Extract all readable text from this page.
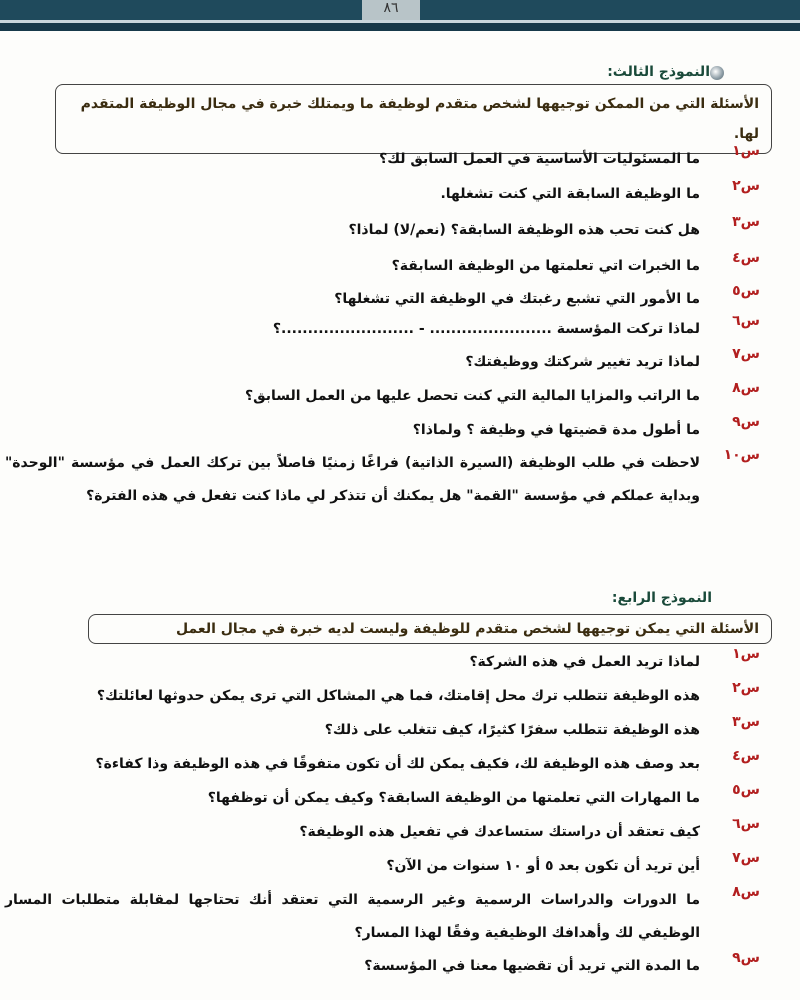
٨٦
النموذج الثالث:
الأسئلة التي من الممكن توجيهها لشخص متقدم لوظيفة ما ويمتلك خبرة في مجال الوظيفة المتقدم لها.
س١
ما المسئوليات الأساسية في العمل السابق لك؟
س٢
ما الوظيفة السابقة التي كنت تشغلها.
س٣
هل كنت تحب هذه الوظيفة السابقة؟ (نعم/لا) لماذا؟
س٤
ما الخبرات اتي تعلمتها من الوظيفة السابقة؟
س٥
ما الأمور التي تشبع رغبتك في الوظيفة التي تشغلها؟
س٦
لماذا تركت المؤسسة ....................... - .........................؟
س٧
لماذا تريد تغيير شركتك ووظيفتك؟
س٨
ما الراتب والمزايا المالية التي كنت تحصل عليها من العمل السابق؟
س٩
ما أطول مدة قضيتها في وظيفة ؟ ولماذا؟
س١٠
لاحظت في طلب الوظيفة (السيرة الذاتية) فراغًا زمنيًا فاصلاً بين تركك العمل في مؤسسة "الوحدة" وبداية عملكم في مؤسسة "القمة" هل يمكنك أن تتذكر لي ماذا كنت تفعل في هذه الفترة؟
النموذج الرابع:
الأسئلة التي يمكن توجيهها لشخص متقدم للوظيفة وليست لديه خبرة في مجال العمل
س١
لماذا تريد العمل في هذه الشركة؟
س٢
هذه الوظيفة تتطلب ترك محل إقامتك، فما هي المشاكل التي ترى يمكن حدوثها لعائلتك؟
س٣
هذه الوظيفة تتطلب سفرًا كثيرًا، كيف تتغلب على ذلك؟
س٤
بعد وصف هذه الوظيفة لك، فكيف يمكن لك أن تكون متفوقًا في هذه الوظيفة وذا كفاءة؟
س٥
ما المهارات التي تعلمتها من الوظيفة السابقة؟ وكيف يمكن أن توظفها؟
س٦
كيف تعتقد أن دراستك ستساعدك في تفعيل هذه الوظيفة؟
س٧
أين تريد أن تكون بعد ٥ أو ١٠ سنوات من الآن؟
س٨
ما الدورات والدراسات الرسمية وغير الرسمية التي تعتقد أنك تحتاجها لمقابلة متطلبات المسار الوظيفي لك وأهدافك الوظيفية وفقًا لهذا المسار؟
س٩
ما المدة التي تريد أن تقضيها معنا في المؤسسة؟
